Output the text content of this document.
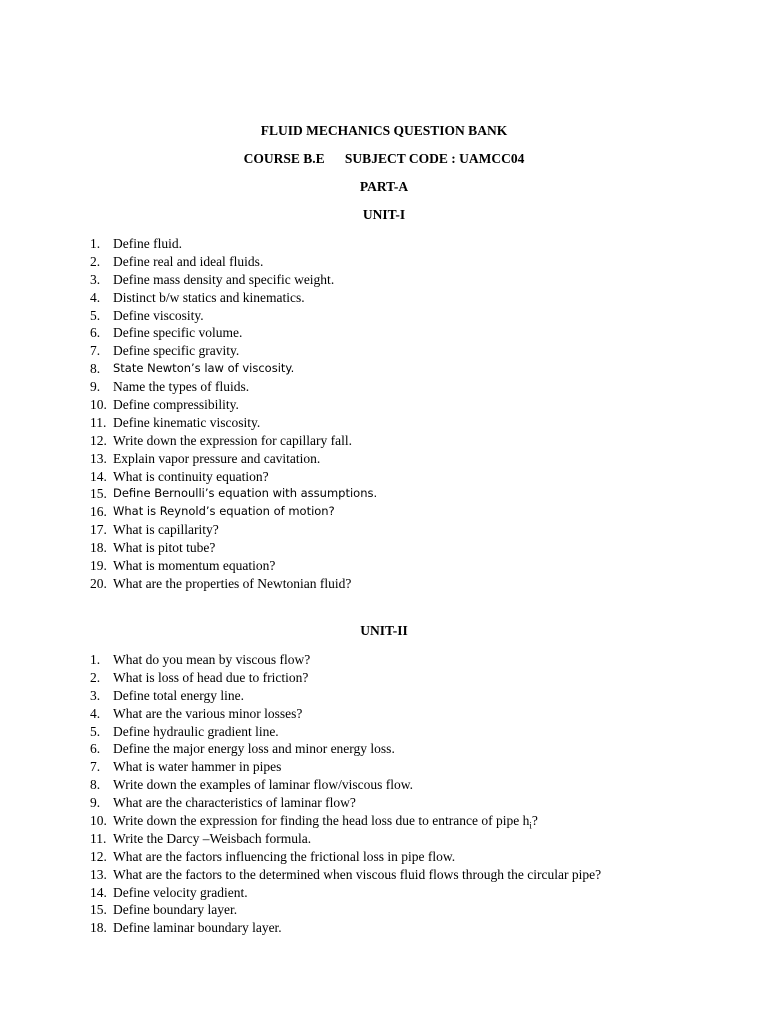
FLUID MECHANICS QUESTION BANK
COURSE B.E      SUBJECT CODE : UAMCC04
PART-A
UNIT-I
1. Define fluid.
2. Define real and ideal fluids.
3. Define mass density and specific weight.
4. Distinct b/w statics and kinematics.
5. Define viscosity.
6. Define specific volume.
7. Define specific gravity.
8.	State Newton’s law of viscosity.
9. Name the types of fluids.
10. Define compressibility.
11. Define kinematic viscosity.
12. Write down the expression for capillary fall.
13. Explain vapor pressure and cavitation.
14. What is continuity equation?
15. Define Bernoulli’s equation with assumptions.
16. What is Reynold’s equation of motion?
17. What is capillarity?
18. What is pitot tube?
19. What is momentum equation?
20. What are the properties of Newtonian fluid?
UNIT-II
1. What do you mean by viscous flow?
2. What is loss of head due to friction?
3. Define total energy line.
4. What are the various minor losses?
5. Define hydraulic gradient line.
6. Define the major energy loss and minor energy loss.
7. What is water hammer in pipes
8. Write down the examples of laminar flow/viscous flow.
9. What are the characteristics of laminar flow?
10. Write down the expression for finding the head loss due to entrance of pipe $h_i$?
11. Write the Darcy –Weisbach formula.
12. What are the factors influencing the frictional loss in pipe flow.
13. What are the factors to the determined when viscous fluid flows through the circular pipe?
14. Define velocity gradient.
15. Define boundary layer.
18. Define laminar boundary layer.
